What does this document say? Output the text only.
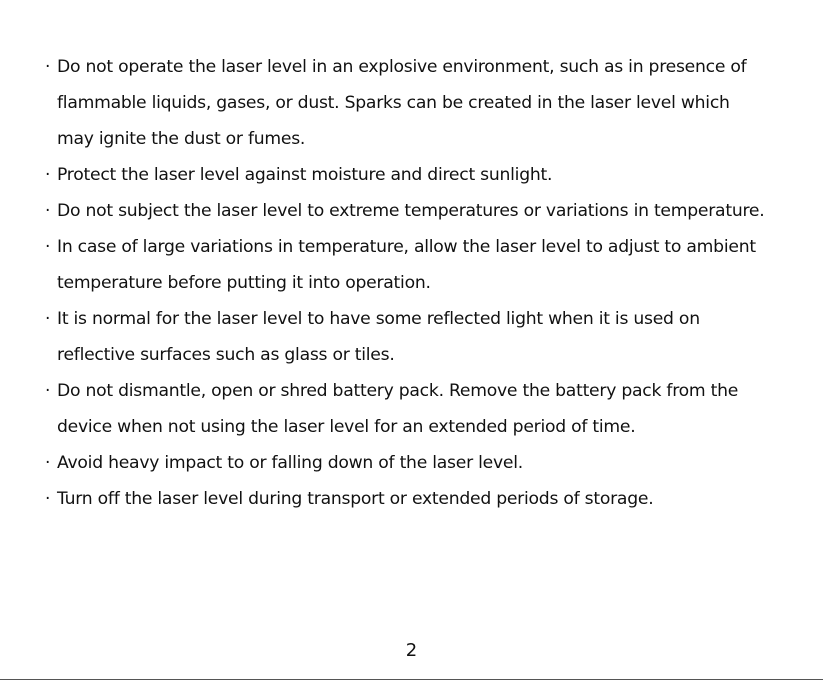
· Do not operate the laser level in an explosive environment, such as in presence of
flammable liquids, gases, or dust. Sparks can be created in the laser level which
may ignite the dust or fumes.
· Protect the laser level against moisture and direct sunlight.
· Do not subject the laser level to extreme temperatures or variations in temperature.
· In case of large variations in temperature, allow the laser level to adjust to ambient
temperature before putting it into operation.
· It is normal for the laser level to have some reflected light when it is used on
reflective surfaces such as glass or tiles.
· Do not dismantle, open or shred battery pack. Remove the battery pack from the
device when not using the laser level for an extended period of time.
· Avoid heavy impact to or falling down of the laser level.
· Turn off the laser level during transport or extended periods of storage.
2
